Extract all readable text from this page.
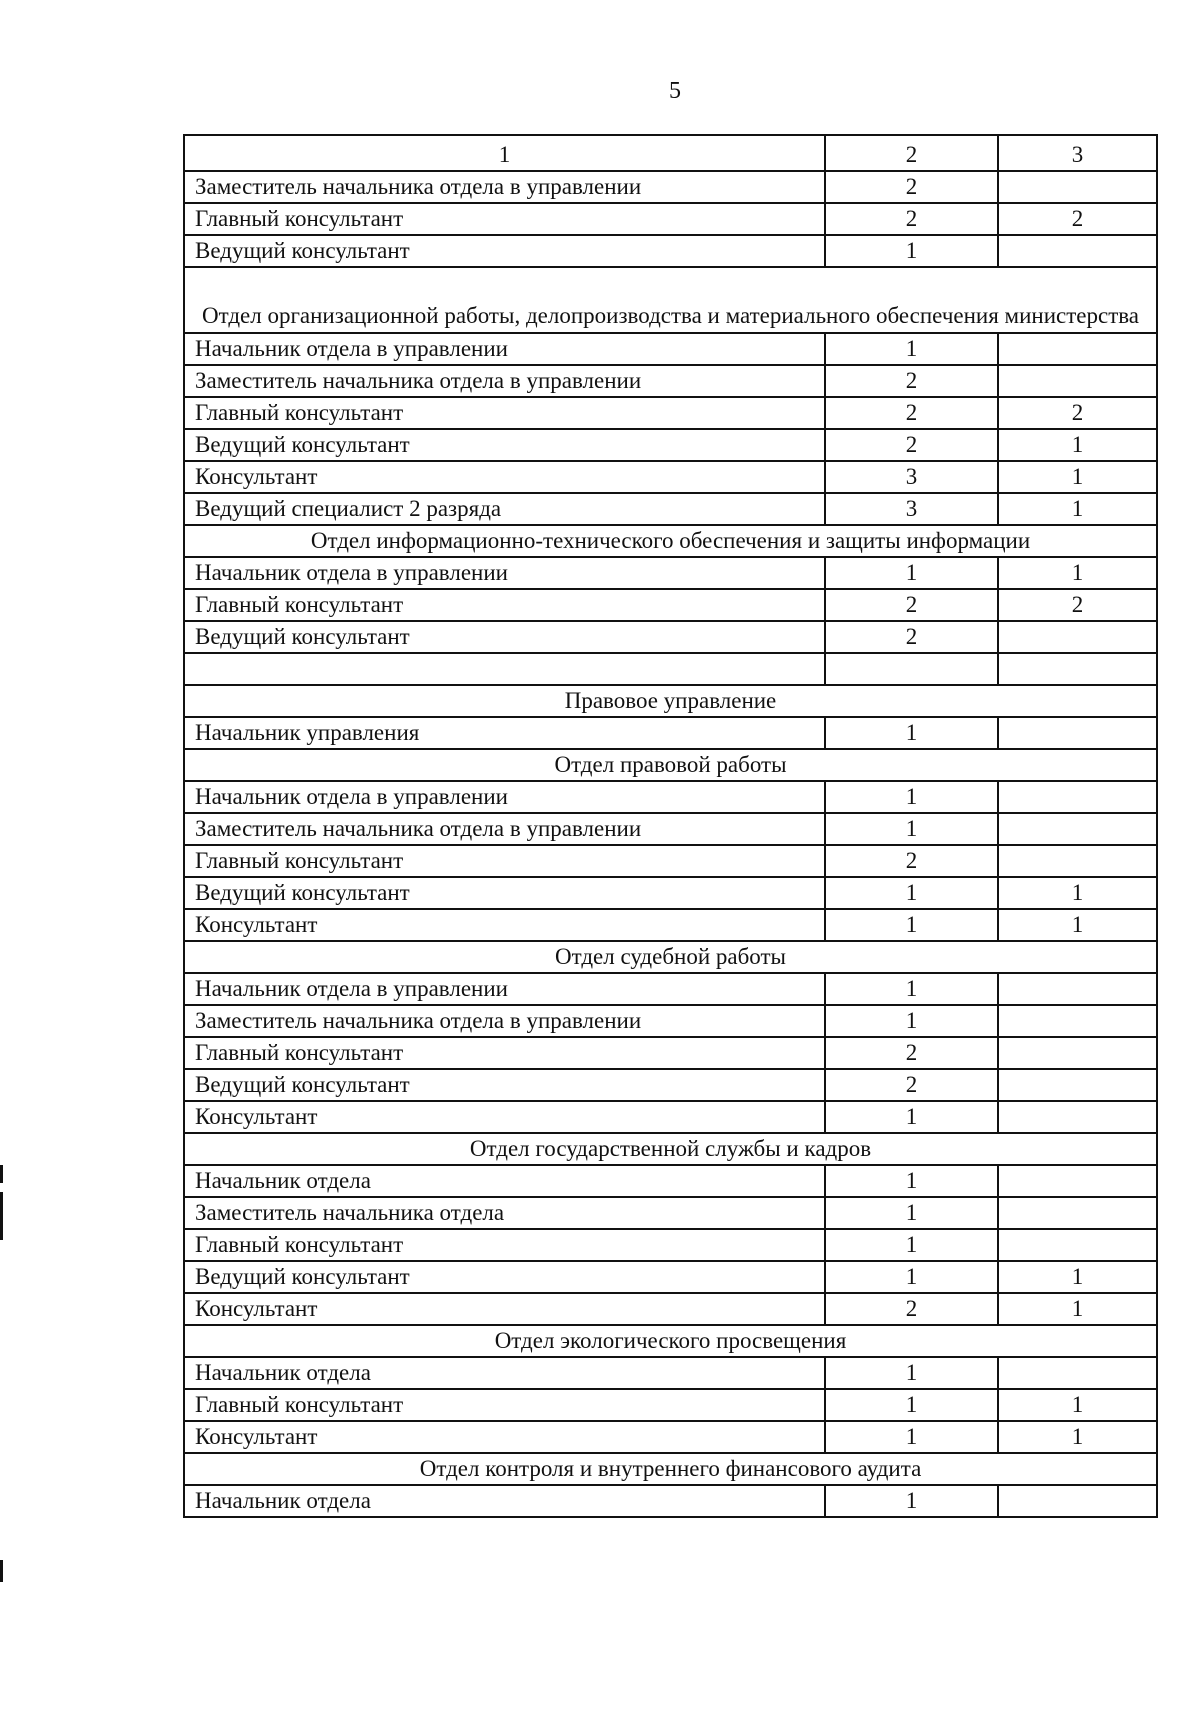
5
1	2	3
Заместитель начальника отдела в управлении	2	
Главный консультант	2	2
Ведущий консультант	1	
Отдел организационной работы, делопроизводства и материального обеспечения министерства		
Начальник отдела в управлении	1	
Заместитель начальника отдела в управлении	2	
Главный консультант	2	2
Ведущий консультант	2	1
Консультант	3	1
Ведущий специалист 2 разряда	3	1
Отдел информационно-технического обеспечения и защиты информации		
Начальник отдела в управлении	1	1
Главный консультант	2	2
Ведущий консультант	2	

Правовое управление		
Начальник управления	1	
Отдел правовой работы		
Начальник отдела в управлении	1	
Заместитель начальника отдела в управлении	1	
Главный консультант	2	
Ведущий консультант	1	1
Консультант	1	1
Отдел судебной работы		
Начальник отдела в управлении	1	
Заместитель начальника отдела в управлении	1	
Главный консультант	2	
Ведущий консультант	2	
Консультант	1	
Отдел государственной службы и кадров		
Начальник отдела	1	
Заместитель начальника отдела	1	
Главный консультант	1	
Ведущий консультант	1	1
Консультант	2	1
Отдел экологического просвещения		
Начальник отдела	1	
Главный консультант	1	1
Консультант	1	1
Отдел контроля и внутреннего финансового аудита		
Начальник отдела	1	
